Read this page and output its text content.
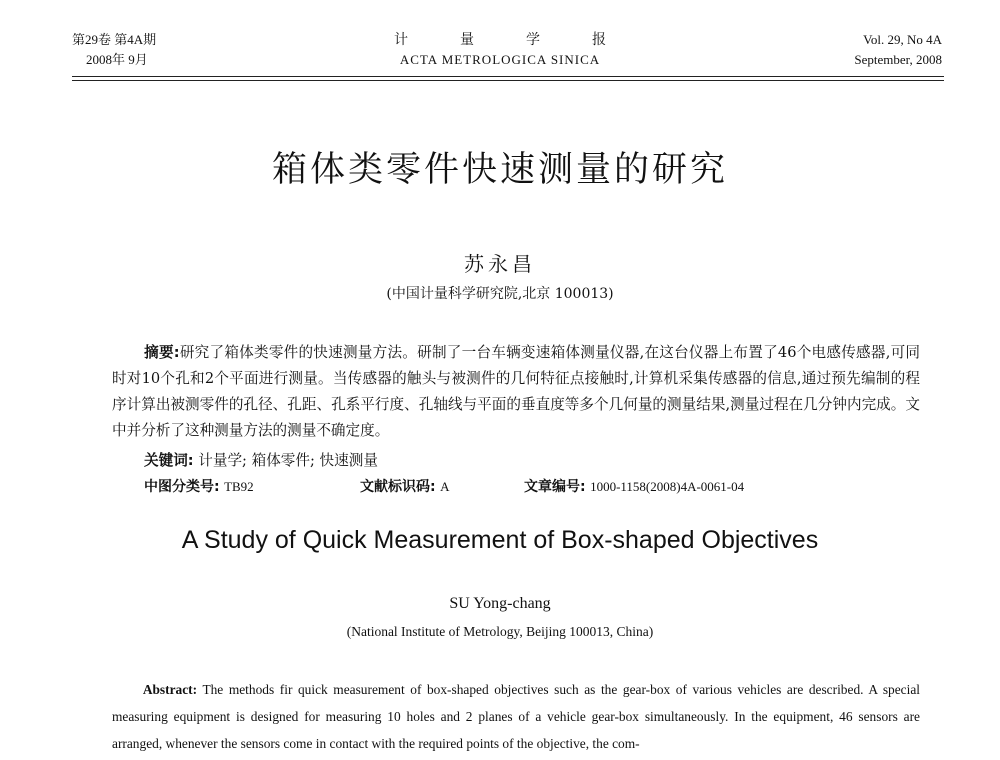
第29卷 第4A期
2008年 9月
计量学报
ACTA METROLOGICA SINICA
Vol. 29, No 4A
September, 2008
箱体类零件快速测量的研究
苏永昌
(中国计量科学研究院,北京 100013)
摘要:研究了箱体类零件的快速测量方法。研制了一台车辆变速箱体测量仪器,在这台仪器上布置了46个电感传感器,可同时对10个孔和2个平面进行测量。当传感器的触头与被测件的几何特征点接触时,计算机采集传感器的信息,通过预先编制的程序计算出被测零件的孔径、孔距、孔系平行度、孔轴线与平面的垂直度等多个几何量的测量结果,测量过程在几分钟内完成。文中并分析了这种测量方法的测量不确定度。
关键词: 计量学; 箱体零件; 快速测量
中图分类号: TB92	文献标识码: A	文章编号: 1000-1158(2008)4A-0061-04
A Study of Quick Measurement of Box-shaped Objectives
SU Yong-chang
(National Institute of Metrology, Beijing 100013, China)
Abstract: The methods fir quick measurement of box-shaped objectives such as the gear-box of various vehicles are described. A special measuring equipment is designed for measuring 10 holes and 2 planes of a vehicle gear-box simultaneously. In the equipment, 46 sensors are arranged, whenever the sensors come in contact with the required points of the objective, the com-
